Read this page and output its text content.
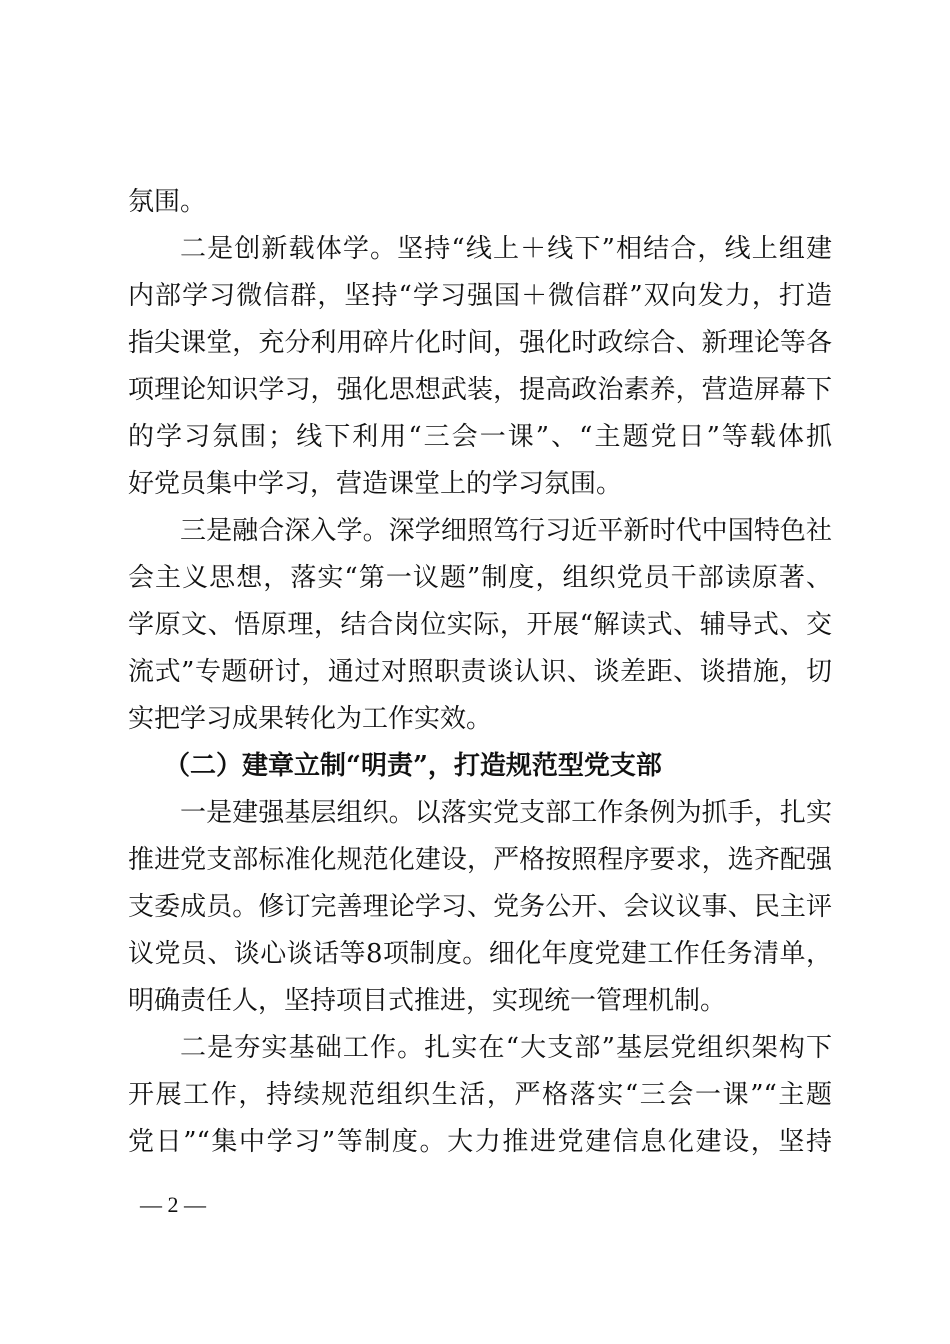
氛围。
二是创新载体学。坚持“线上＋线下”相结合，线上组建
内部学习微信群，坚持“学习强国＋微信群”双向发力，打造
指尖课堂，充分利用碎片化时间，强化时政综合、新理论等各
项理论知识学习，强化思想武装，提高政治素养，营造屏幕下
的学习氛围；线下利用“三会一课”、“主题党日”等载体抓
好党员集中学习，营造课堂上的学习氛围。
三是融合深入学。深学细照笃行习近平新时代中国特色社
会主义思想，落实“第一议题”制度，组织党员干部读原著、
学原文、悟原理，结合岗位实际，开展“解读式、辅导式、交
流式”专题研讨，通过对照职责谈认识、谈差距、谈措施，切
实把学习成果转化为工作实效。
（二）建章立制“明责”，打造规范型党支部
一是建强基层组织。以落实党支部工作条例为抓手，扎实
推进党支部标准化规范化建设，严格按照程序要求，选齐配强
支委成员。修订完善理论学习、党务公开、会议议事、民主评
议党员、谈心谈话等8项制度。细化年度党建工作任务清单，
明确责任人，坚持项目式推进，实现统一管理机制。
二是夯实基础工作。扎实在“大支部”基层党组织架构下
开展工作，持续规范组织生活，严格落实“三会一课”“主题
党日”“集中学习”等制度。大力推进党建信息化建设，坚持
— 2 —
